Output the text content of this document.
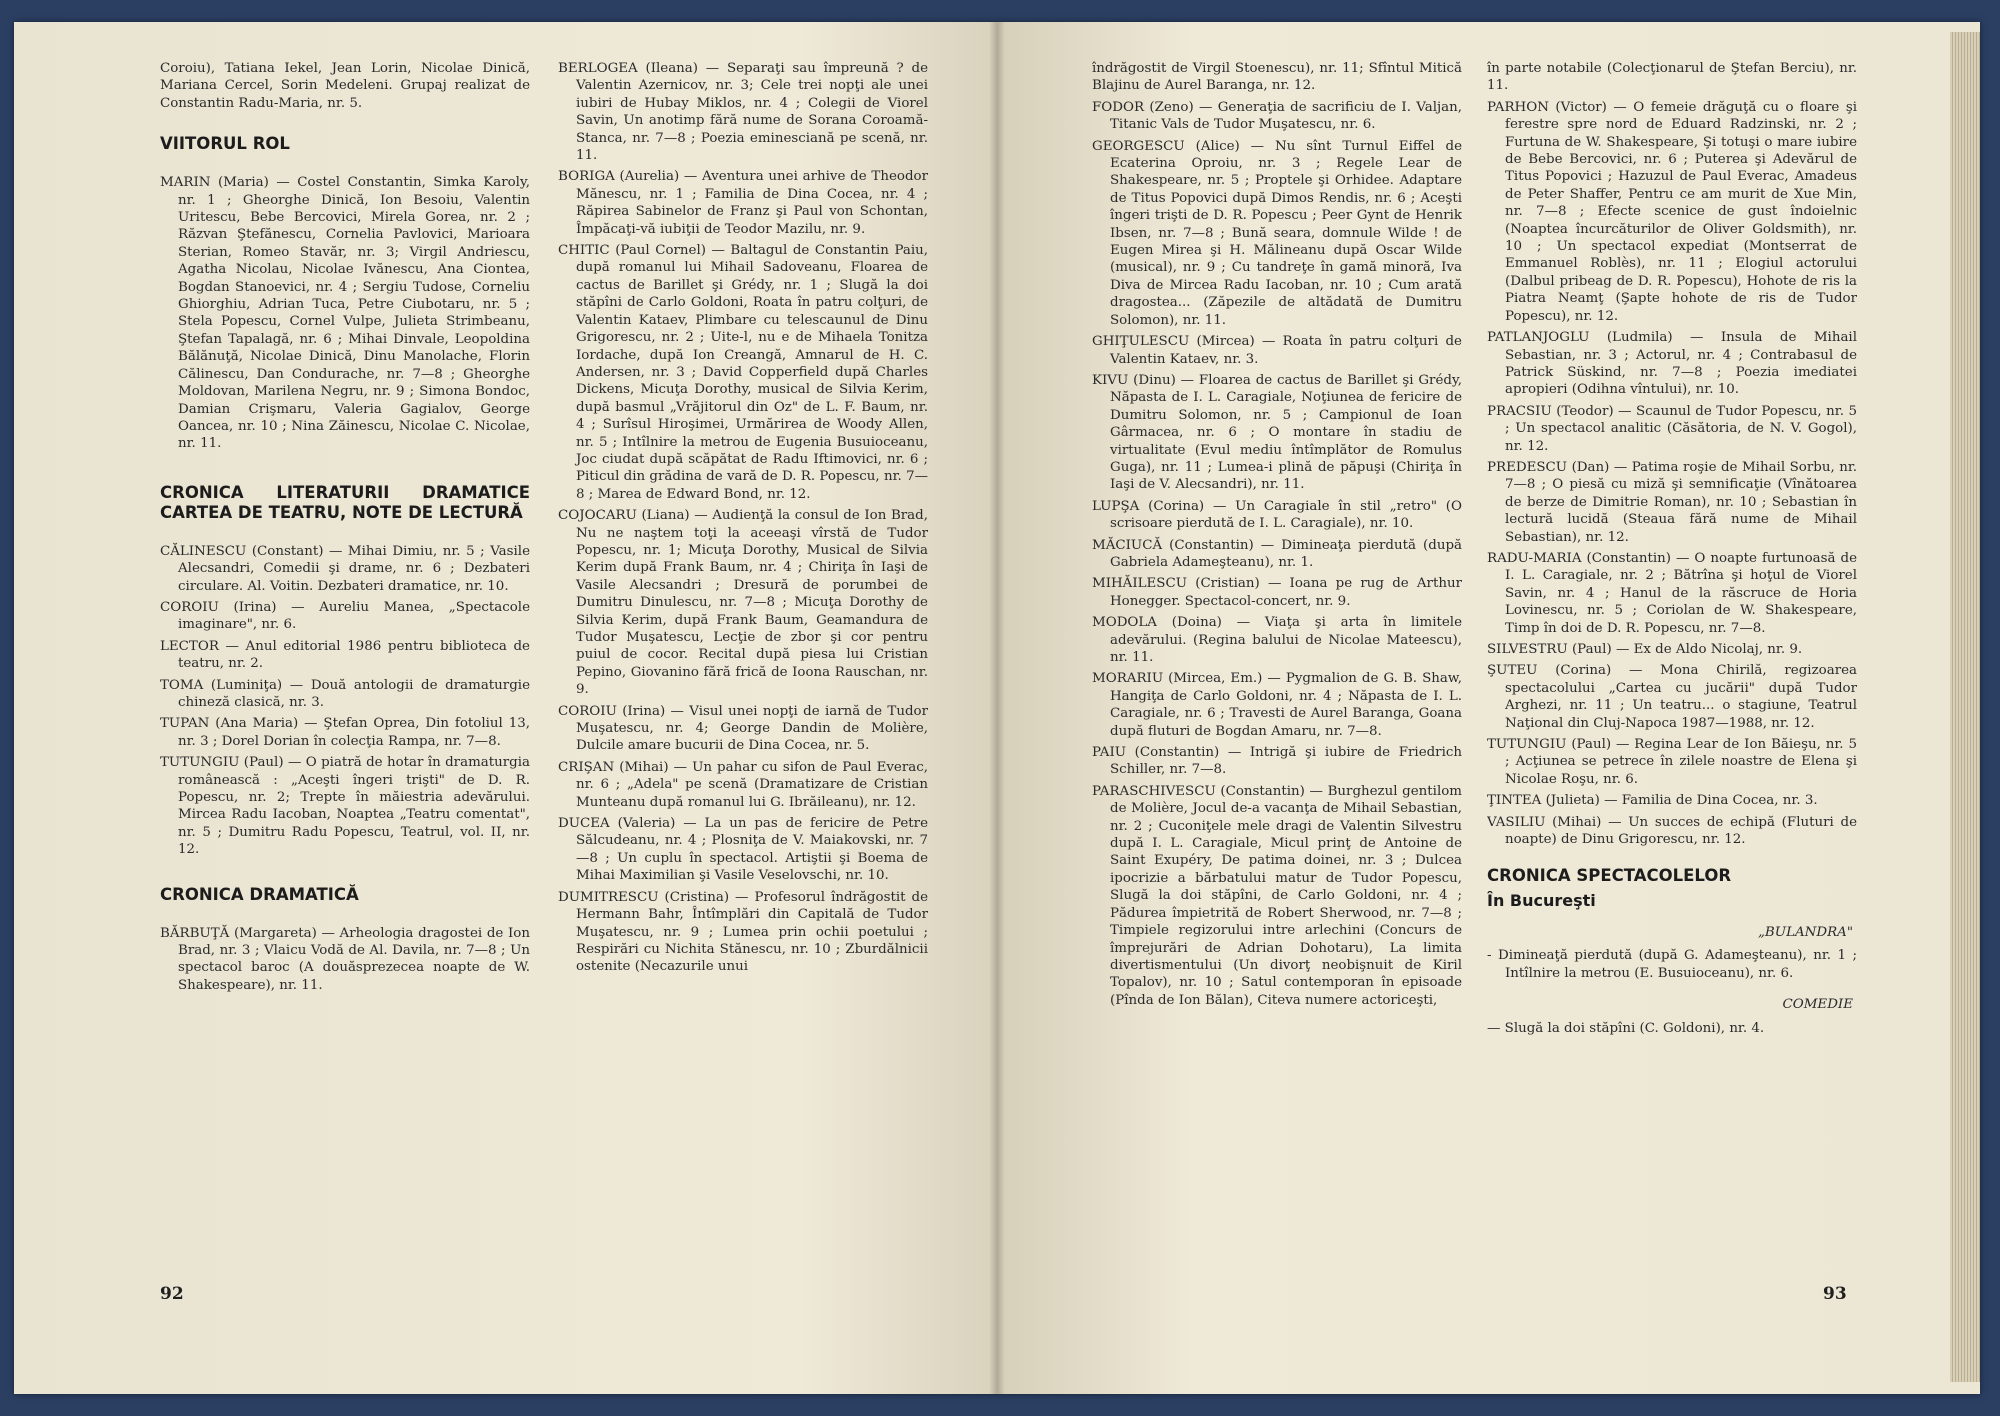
Coroiu), Tatiana Iekel, Jean Lorin, Nicolae Dinică, Mariana Cercel, Sorin Medeleni. Grupaj realizat de Constantin Radu-Maria, nr. 5.

VIITORUL ROL

MARIN (Maria) — Costel Constantin, Simka Karoly, nr. 1 ; Gheorghe Dinică, Ion Besoiu, Valentin Uritescu, Bebe Bercovici, Mirela Gorea, nr. 2 ; Răzvan Ştefănescu, Cornelia Pavlovici, Marioara Sterian, Romeo Stavăr, nr. 3; Virgil Andriescu, Agatha Nicolau, Nicolae Ivănescu, Ana Ciontea, Bogdan Stanoevici, nr. 4 ; Sergiu Tudose, Corneliu Ghiorghiu, Adrian Tuca, Petre Ciubotaru, nr. 5 ; Stela Popescu, Cornel Vulpe, Julieta Strimbeanu, Ştefan Tapalagă, nr. 6 ; Mihai Dinvale, Leopoldina Bălănuţă, Nicolae Dinică, Dinu Manolache, Florin Călinescu, Dan Condurache, nr. 7—8 ; Gheorghe Moldovan, Marilena Negru, nr. 9 ; Simona Bondoc, Damian Crişmaru, Valeria Gagialov, George Oancea, nr. 10 ; Nina Zăinescu, Nicolae C. Nicolae, nr. 11.

CRONICA LITERATURII DRAMATICE CARTEA DE TEATRU, NOTE DE LECTURĂ

CĂLINESCU (Constant) — Mihai Dimiu, nr. 5 ; Vasile Alecsandri, Comedii şi drame, nr. 6 ; Dezbateri circulare. Al. Voitin. Dezbateri dramatice, nr. 10.

COROIU (Irina) — Aureliu Manea, „Spectacole imaginare", nr. 6.

LECTOR — Anul editorial 1986 pentru biblioteca de teatru, nr. 2.

TOMA (Luminiţa) — Două antologii de dramaturgie chineză clasică, nr. 3.

TUPAN (Ana Maria) — Ştefan Oprea, Din fotoliul 13, nr. 3 ; Dorel Dorian în colecţia Rampa, nr. 7—8.

TUTUNGIU (Paul) — O piatră de hotar în dramaturgia românească : „Aceşti îngeri trişti" de D. R. Popescu, nr. 2; Trepte în măiestria adevărului. Mircea Radu Iacoban, Noaptea „Teatru comentat", nr. 5 ; Dumitru Radu Popescu, Teatrul, vol. II, nr. 12.

CRONICA DRAMATICĂ

BĂRBUŢĂ (Margareta) — Arheologia dragostei de Ion Brad, nr. 3 ; Vlaicu Vodă de Al. Davila, nr. 7—8 ; Un spectacol baroc (A douăsprezecea noapte de W. Shakespeare), nr. 11.

BERLOGEA (Ileana) — Separaţi sau împreună ? de Valentin Azernicov, nr. 3; Cele trei nopţi ale unei iubiri de Hubay Miklos, nr. 4 ; Colegii de Viorel Savin, Un anotimp fără nume de Sorana Coroamă-Stanca, nr. 7—8 ; Poezia eminesciană pe scenă, nr. 11.

BORIGA (Aurelia) — Aventura unei arhive de Theodor Mănescu, nr. 1 ; Familia de Dina Cocea, nr. 4 ; Răpirea Sabinelor de Franz şi Paul von Schontan, Împăcaţi-vă iubiţii de Teodor Mazilu, nr. 9.

CHITIC (Paul Cornel) — Baltagul de Constantin Paiu, după romanul lui Mihail Sadoveanu, Floarea de cactus de Barillet şi Grédy, nr. 1 ; Slugă la doi stăpîni de Carlo Goldoni, Roata în patru colţuri, de Valentin Kataev, Plimbare cu telescaunul de Dinu Grigorescu, nr. 2 ; Uite-l, nu e de Mihaela Tonitza Iordache, după Ion Creangă, Amnarul de H. C. Andersen, nr. 3 ; David Copperfield după Charles Dickens, Micuţa Dorothy, musical de Silvia Kerim, după basmul „Vrăjitorul din Oz" de L. F. Baum, nr. 4 ; Surîsul Hiroşimei, Urmărirea de Woody Allen, nr. 5 ; Intîlnire la metrou de Eugenia Busuioceanu, Joc ciudat după scăpătat de Radu Iftimovici, nr. 6 ; Piticul din grădina de vară de D. R. Popescu, nr. 7—8 ; Marea de Edward Bond, nr. 12.

COJOCARU (Liana) — Audienţă la consul de Ion Brad, Nu ne naştem toţi la aceeaşi vîrstă de Tudor Popescu, nr. 1; Micuţa Dorothy, Musical de Silvia Kerim după Frank Baum, nr. 4 ; Chiriţa în Iaşi de Vasile Alecsandri ; Dresură de porumbei de Dumitru Dinulescu, nr. 7—8 ; Micuţa Dorothy de Silvia Kerim, după Frank Baum, Geamandura de Tudor Muşatescu, Lecţie de zbor şi cor pentru puiul de cocor. Recital după piesa lui Cristian Pepino, Giovanino fără frică de Ioona Rauschan, nr. 9.

COROIU (Irina) — Visul unei nopţi de iarnă de Tudor Muşatescu, nr. 4; George Dandin de Molière, Dulcile amare bucurii de Dina Cocea, nr. 5.

CRIŞAN (Mihai) — Un pahar cu sifon de Paul Everac, nr. 6 ; „Adela" pe scenă (Dramatizare de Cristian Munteanu după romanul lui G. Ibrăileanu), nr. 12.

DUCEA (Valeria) — La un pas de fericire de Petre Sălcudeanu, nr. 4 ; Plosniţa de V. Maiakovski, nr. 7—8 ; Un cuplu în spectacol. Artiştii şi Boema de Mihai Maximilian şi Vasile Veselovschi, nr. 10.

DUMITRESCU (Cristina) — Profesorul îndrăgostit de Hermann Bahr, Întîmplări din Capitală de Tudor Muşatescu, nr. 9 ; Lumea prin ochii poetului ; Respirări cu Nichita Stănescu, nr. 10 ; Zburdălnicii ostenite (Necazurile unui

92

îndrăgostit de Virgil Stoenescu), nr. 11; Sfîntul Mitică Blajinu de Aurel Baranga, nr. 12.

FODOR (Zeno) — Generaţia de sacrificiu de I. Valjan, Titanic Vals de Tudor Muşatescu, nr. 6.

GEORGESCU (Alice) — Nu sînt Turnul Eiffel de Ecaterina Oproiu, nr. 3 ; Regele Lear de Shakespeare, nr. 5 ; Proptele şi Orhidee. Adaptare de Titus Popovici după Dimos Rendis, nr. 6 ; Aceşti îngeri trişti de D. R. Popescu ; Peer Gynt de Henrik Ibsen, nr. 7—8 ; Bună seara, domnule Wilde ! de Eugen Mirea şi H. Mălineanu după Oscar Wilde (musical), nr. 9 ; Cu tandreţe în gamă minoră, Iva Diva de Mircea Radu Iacoban, nr. 10 ; Cum arată dragostea... (Zăpezile de altădată de Dumitru Solomon), nr. 11.

GHIŢULESCU (Mircea) — Roata în patru colţuri de Valentin Kataev, nr. 3.

KIVU (Dinu) — Floarea de cactus de Barillet şi Grédy, Năpasta de I. L. Caragiale, Noţiunea de fericire de Dumitru Solomon, nr. 5 ; Campionul de Ioan Gârmacea, nr. 6 ; O montare în stadiu de virtualitate (Evul mediu întîmplător de Romulus Guga), nr. 11 ; Lumea-i plină de păpuşi (Chiriţa în Iaşi de V. Alecsandri), nr. 11.

LUPŞA (Corina) — Un Caragiale în stil „retro" (O scrisoare pierdută de I. L. Caragiale), nr. 10.

MĂCIUCĂ (Constantin) — Dimineaţa pierdută (după Gabriela Adameşteanu), nr. 1.

MIHĂILESCU (Cristian) — Ioana pe rug de Arthur Honegger. Spectacol-concert, nr. 9.

MODOLA (Doina) — Viaţa şi arta în limitele adevărului. (Regina balului de Nicolae Mateescu), nr. 11.

MORARIU (Mircea, Em.) — Pygmalion de G. B. Shaw, Hangiţa de Carlo Goldoni, nr. 4 ; Năpasta de I. L. Caragiale, nr. 6 ; Travesti de Aurel Baranga, Goana după fluturi de Bogdan Amaru, nr. 7—8.

PAIU (Constantin) — Intrigă şi iubire de Friedrich Schiller, nr. 7—8.

PARASCHIVESCU (Constantin) — Burghezul gentilom de Molière, Jocul de-a vacanţa de Mihail Sebastian, nr. 2 ; Cuconiţele mele dragi de Valentin Silvestru după I. L. Caragiale, Micul prinţ de Antoine de Saint Exupéry, De patima doinei, nr. 3 ; Dulcea ipocrizie a bărbatului matur de Tudor Popescu, Slugă la doi stăpîni, de Carlo Goldoni, nr. 4 ; Pădurea împietrită de Robert Sherwood, nr. 7—8 ; Timpiele regizorului intre arlechini (Concurs de împrejurări de Adrian Dohotaru), La limita divertismentului (Un divorţ neobişnuit de Kiril Topalov), nr. 10 ; Satul contemporan în episoade (Pînda de Ion Bălan), Citeva numere actoriceşti,

în parte notabile (Colecţionarul de Ştefan Berciu), nr. 11.

PARHON (Victor) — O femeie drăguţă cu o floare şi ferestre spre nord de Eduard Radzinski, nr. 2 ; Furtuna de W. Shakespeare, Şi totuşi o mare iubire de Bebe Bercovici, nr. 6 ; Puterea şi Adevărul de Titus Popovici ; Hazuzul de Paul Everac, Amadeus de Peter Shaffer, Pentru ce am murit de Xue Min, nr. 7—8 ; Efecte scenice de gust îndoielnic (Noaptea încurcăturilor de Oliver Goldsmith), nr. 10 ; Un spectacol expediat (Montserrat de Emmanuel Roblès), nr. 11 ; Elogiul actorului (Dalbul pribeag de D. R. Popescu), Hohote de ris la Piatra Neamţ (Şapte hohote de ris de Tudor Popescu), nr. 12.

PATLANJOGLU (Ludmila) — Insula de Mihail Sebastian, nr. 3 ; Actorul, nr. 4 ; Contrabasul de Patrick Süskind, nr. 7—8 ; Poezia imediatei apropieri (Odihna vîntului), nr. 10.

PRACSIU (Teodor) — Scaunul de Tudor Popescu, nr. 5 ; Un spectacol analitic (Căsătoria, de N. V. Gogol), nr. 12.

PREDESCU (Dan) — Patima roşie de Mihail Sorbu, nr. 7—8 ; O piesă cu miză şi semnificaţie (Vînătoarea de berze de Dimitrie Roman), nr. 10 ; Sebastian în lectură lucidă (Steaua fără nume de Mihail Sebastian), nr. 12.

RADU-MARIA (Constantin) — O noapte furtunoasă de I. L. Caragiale, nr. 2 ; Bătrîna şi hoţul de Viorel Savin, nr. 4 ; Hanul de la răscruce de Horia Lovinescu, nr. 5 ; Coriolan de W. Shakespeare, Timp în doi de D. R. Popescu, nr. 7—8.

SILVESTRU (Paul) — Ex de Aldo Nicolaj, nr. 9.

ŞUTEU (Corina) — Mona Chirilă, regizoarea spectacolului „Cartea cu jucării" după Tudor Arghezi, nr. 11 ; Un teatru... o stagiune, Teatrul Naţional din Cluj-Napoca 1987—1988, nr. 12.

TUTUNGIU (Paul) — Regina Lear de Ion Băieşu, nr. 5 ; Acţiunea se petrece în zilele noastre de Elena şi Nicolae Roşu, nr. 6.

ŢINTEA (Julieta) — Familia de Dina Cocea, nr. 3.

VASILIU (Mihai) — Un succes de echipă (Fluturi de noapte) de Dinu Grigorescu, nr. 12.

CRONICA SPECTACOLELOR
În Bucureşti

„BULANDRA"

- Dimineaţă pierdută (după G. Adameşteanu), nr. 1 ; Intîlnire la metrou (E. Busuioceanu), nr. 6.

COMEDIE

— Slugă la doi stăpîni (C. Goldoni), nr. 4.

93
